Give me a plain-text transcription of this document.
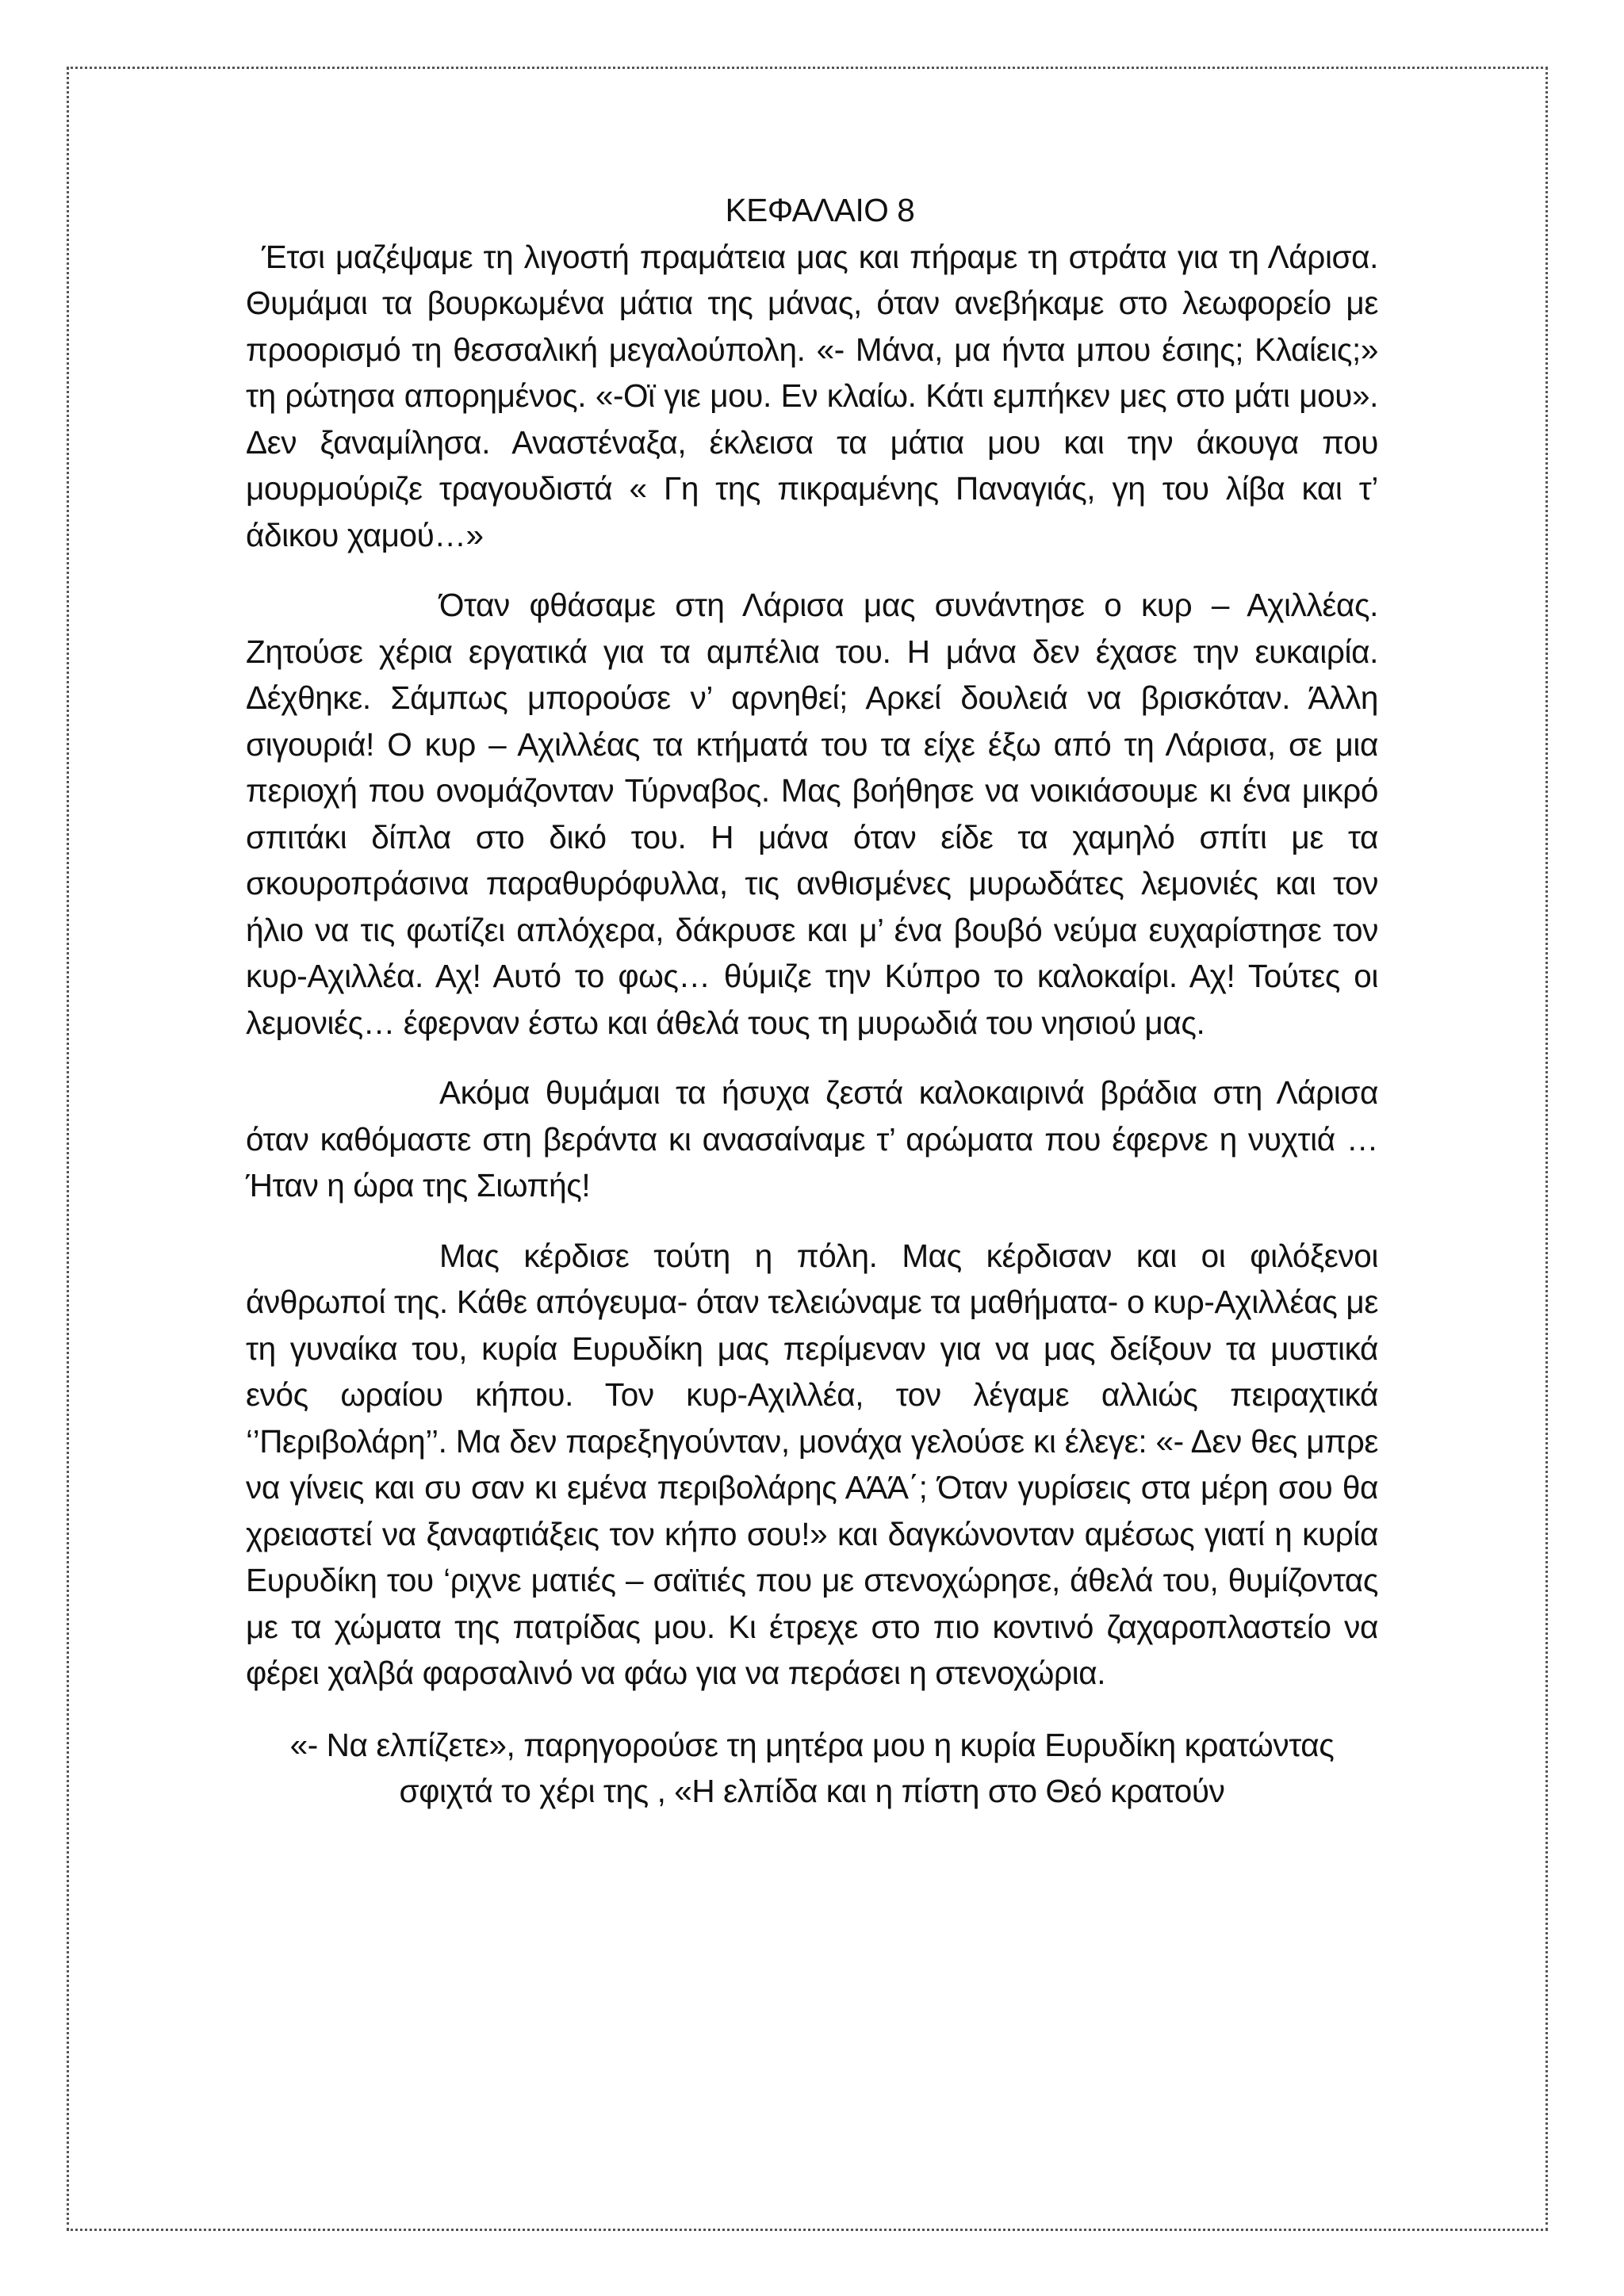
ΚΕΦΑΛΑΙΟ 8

Έτσι μαζέψαμε τη λιγοστή πραμάτεια μας και πήραμε τη στράτα για τη Λάρισα. Θυμάμαι τα βουρκωμένα μάτια της μάνας, όταν ανεβήκαμε στο λεωφορείο με προορισμό τη θεσσαλική μεγαλούπολη. «- Μάνα, μα ήντα μπου έσιης; Κλαίεις;» τη ρώτησα απορημένος. «-Οϊ γιε μου. Εν κλαίω. Κάτι εμπήκεν μες στο μάτι μου». Δεν ξαναμίλησα. Αναστέναξα, έκλεισα τα μάτια μου και την άκουγα που μουρμούριζε τραγουδιστά « Γη της πικραμένης Παναγιάς, γη του λίβα και τ’ άδικου χαμού…»

Όταν φθάσαμε στη Λάρισα μας συνάντησε ο κυρ – Αχιλλέας. Ζητούσε χέρια εργατικά για τα αμπέλια του. Η μάνα δεν έχασε την ευκαιρία. Δέχθηκε. Σάμπως μπορούσε ν’ αρνηθεί; Αρκεί δουλειά να βρισκόταν. Άλλη σιγουριά! Ο κυρ – Αχιλλέας τα κτήματά του τα είχε έξω από τη Λάρισα, σε μια περιοχή που ονομάζονταν Τύρναβος. Μας βοήθησε να νοικιάσουμε κι ένα μικρό σπιτάκι δίπλα στο δικό του. Η μάνα όταν είδε τα χαμηλό σπίτι με τα σκουροπράσινα παραθυρόφυλλα, τις ανθισμένες μυρωδάτες λεμονιές και τον ήλιο να τις φωτίζει απλόχερα, δάκρυσε και μ’ ένα βουβό νεύμα ευχαρίστησε τον κυρ-Αχιλλέα. Αχ! Αυτό το φως… θύμιζε την Κύπρο το καλοκαίρι. Αχ! Τούτες οι λεμονιές… έφερναν έστω και άθελά τους τη μυρωδιά του νησιού μας.

Ακόμα θυμάμαι τα ήσυχα ζεστά καλοκαιρινά βράδια στη Λάρισα όταν καθόμαστε στη βεράντα κι ανασαίναμε τ’ αρώματα που έφερνε η νυχτιά … Ήταν η ώρα της Σιωπής!

Μας κέρδισε τούτη η πόλη. Μας κέρδισαν και οι φιλόξενοι άνθρωποί της. Κάθε απόγευμα- όταν τελειώναμε τα μαθήματα- ο κυρ-Αχιλλέας με τη γυναίκα του, κυρία Ευρυδίκη μας περίμεναν για να μας δείξουν τα μυστικά ενός ωραίου κήπου. Τον κυρ-Αχιλλέα, τον λέγαμε αλλιώς πειραχτικά ‘’Περιβολάρη’’. Μα δεν παρεξηγούνταν, μονάχα γελούσε κι έλεγε: «- Δεν θες μπρε να γίνεις και συ σαν κι εμένα περιβολάρης ΑΆΆ΄; Όταν γυρίσεις στα μέρη σου θα χρειαστεί να ξαναφτιάξεις τον κήπο σου!» και δαγκώνονταν αμέσως γιατί η κυρία Ευρυδίκη του ‘ριχνε ματιές – σαϊτιές που με στενοχώρησε, άθελά του, θυμίζοντας με τα χώματα της πατρίδας μου. Κι έτρεχε στο πιο κοντινό ζαχαροπλαστείο να φέρει χαλβά φαρσαλινό να φάω για να περάσει η στενοχώρια.

«- Να ελπίζετε», παρηγορούσε τη μητέρα μου η κυρία Ευρυδίκη κρατώντας σφιχτά το χέρι της , «Η ελπίδα και η πίστη στο Θεό κρατούν
